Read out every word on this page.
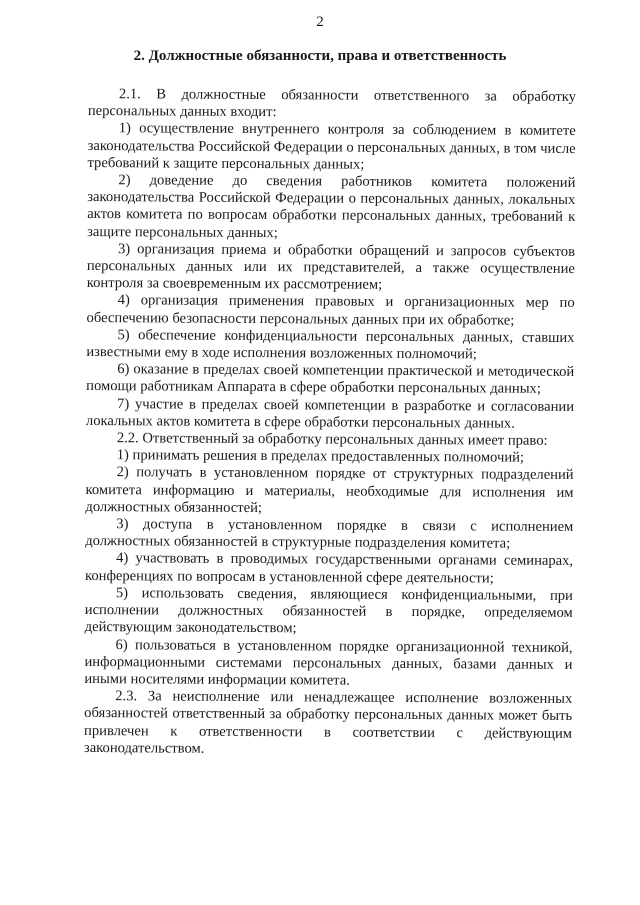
2
2. Должностные обязанности, права и ответственность

2.1. В должностные обязанности ответственного за обработку персональных данных входит:

1) осуществление внутреннего контроля за соблюдением в комитете законодательства Российской Федерации о персональных данных, в том числе требований к защите персональных данных;

2) доведение до сведения работников комитета положений законодательства Российской Федерации о персональных данных, локальных актов комитета по вопросам обработки персональных данных, требований к защите персональных данных;

3) организация приема и обработки обращений и запросов субъектов персональных данных или их представителей, а также осуществление контроля за своевременным их рассмотрением;

4) организация применения правовых и организационных мер по обеспечению безопасности персональных данных при их обработке;

5) обеспечение конфиденциальности персональных данных, ставших известными ему в ходе исполнения возложенных полномочий;

6) оказание в пределах своей компетенции практической и методической помощи работникам Аппарата в сфере обработки персональных данных;

7) участие в пределах своей компетенции в разработке и согласовании локальных актов комитета в сфере обработки персональных данных.

2.2. Ответственный за обработку персональных данных имеет право:

1) принимать решения в пределах предоставленных полномочий;

2) получать в установленном порядке от структурных подразделений комитета информацию и материалы, необходимые для исполнения им должностных обязанностей;

3) доступа в установленном порядке в связи с исполнением должностных обязанностей в структурные подразделения комитета;

4) участвовать в проводимых государственными органами семинарах, конференциях по вопросам в установленной сфере деятельности;

5) использовать сведения, являющиеся конфиденциальными, при исполнении должностных обязанностей в порядке, определяемом действующим законодательством;

6) пользоваться в установленном порядке организационной техникой, информационными системами персональных данных, базами данных и иными носителями информации комитета.

2.3. За неисполнение или ненадлежащее исполнение возложенных обязанностей ответственный за обработку персональных данных может быть привлечен к ответственности в соответствии с действующим законодательством.
